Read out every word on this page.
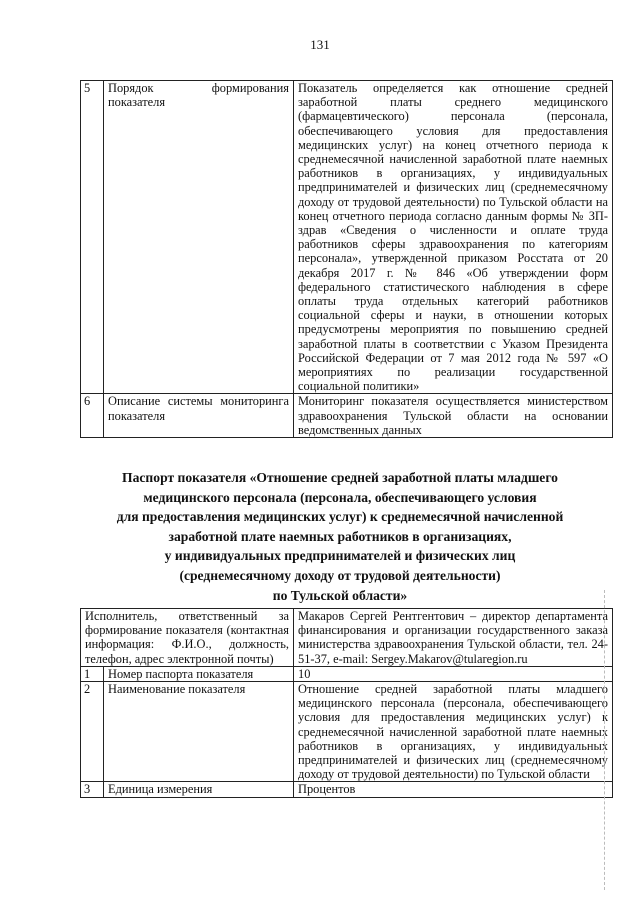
131
5	Порядок формирования показателя	Показатель определяется как отношение средней заработной платы среднего медицинского (фармацевтического) персонала (персонала, обеспечивающего условия для предоставления медицинских услуг) на конец отчетного периода к среднемесячной начисленной заработной плате наемных работников в организациях, у индивидуальных предпринимателей и физических лиц (среднемесячному доходу от трудовой деятельности) по Тульской области на конец отчетного периода согласно данным формы № ЗП-здрав «Сведения о численности и оплате труда работников сферы здравоохранения по категориям персонала», утвержденной приказом Росстата от 20 декабря 2017 г. № 846 «Об утверждении форм федерального статистического наблюдения в сфере оплаты труда отдельных категорий работников социальной сферы и науки, в отношении которых предусмотрены мероприятия по повышению средней заработной платы в соответствии с Указом Президента Российской Федерации от 7 мая 2012 года № 597 «О мероприятиях по реализации государственной социальной политики»
6	Описание системы мониторинга показателя	Мониторинг показателя осуществляется министерством здравоохранения Тульской области на основании ведомственных данных
Паспорт показателя «Отношение средней заработной платы младшего
медицинского персонала (персонала, обеспечивающего условия
для предоставления медицинских услуг) к среднемесячной начисленной
заработной плате наемных работников в организациях,
у индивидуальных предпринимателей и физических лиц
(среднемесячному доходу от трудовой деятельности)
по Тульской области»
Исполнитель, ответственный за формирование показателя (контактная информация: Ф.И.О., должность, телефон, адрес электронной почты)		Макаров Сергей Рентгентович – директор департамента финансирования и организации государственного заказа министерства здравоохранения Тульской области, тел. 24-51-37, e-mail: Sergey.Makarov@tularegion.ru
1	Номер паспорта показателя	10
2	Наименование показателя	Отношение средней заработной платы младшего медицинского персонала (персонала, обеспечивающего условия для предоставления медицинских услуг) к среднемесячной начисленной заработной плате наемных работников в организациях, у индивидуальных предпринимателей и физических лиц (среднемесячному доходу от трудовой деятельности) по Тульской области
3	Единица измерения	Процентов
